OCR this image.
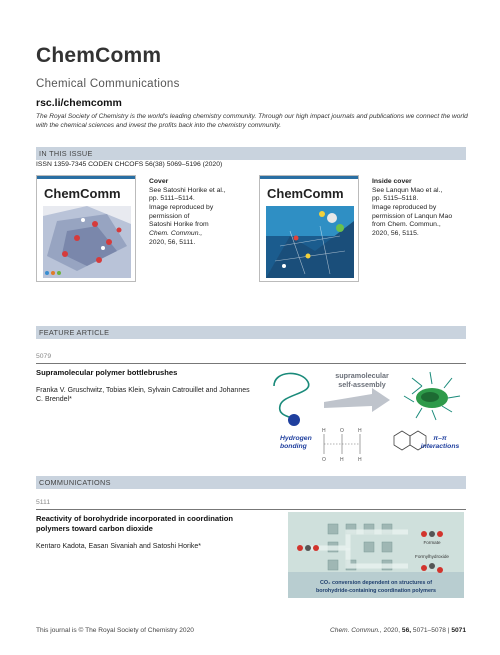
ChemComm
Chemical Communications
rsc.li/chemcomm
The Royal Society of Chemistry is the world's leading chemistry community. Through our high impact journals and publications we connect the world with the chemical sciences and invest the profits back into the chemistry community.
IN THIS ISSUE
ISSN 1359-7345 CODEN CHCOFS 56(38) 5069–5196 (2020)
ChemComm
Cover
See Satoshi Horike et al.,
pp. 5111–5114.
Image reproduced by
permission of
Satoshi Horike from
Chem. Commun.,
2020, 56, 5111.
ChemComm
Inside cover
See Lanqun Mao et al.,
pp. 5115–5118.
Image reproduced by
permission of Lanqun Mao
from Chem. Commun.,
2020, 56, 5115.
FEATURE ARTICLE
5079
Supramolecular polymer bottlebrushes
Franka V. Gruschwitz, Tobias Klein, Sylvain Catrouillet and Johannes C. Brendel*
supramolecular
self-assembly
Hydrogen
bonding
H	O	H
O	H	H
π–π
interactions
COMMUNICATIONS
5111
Reactivity of borohydride incorporated in coordination polymers toward carbon dioxide
Kentaro Kadota, Easan Sivaniah and Satoshi Horike*
Formate
Formylhydroxide
CO₂ conversion dependent on structures of
borohydride-containing coordination polymers
This journal is © The Royal Society of Chemistry 2020	Chem. Commun., 2020, 56, 5071–5078 | 5071
